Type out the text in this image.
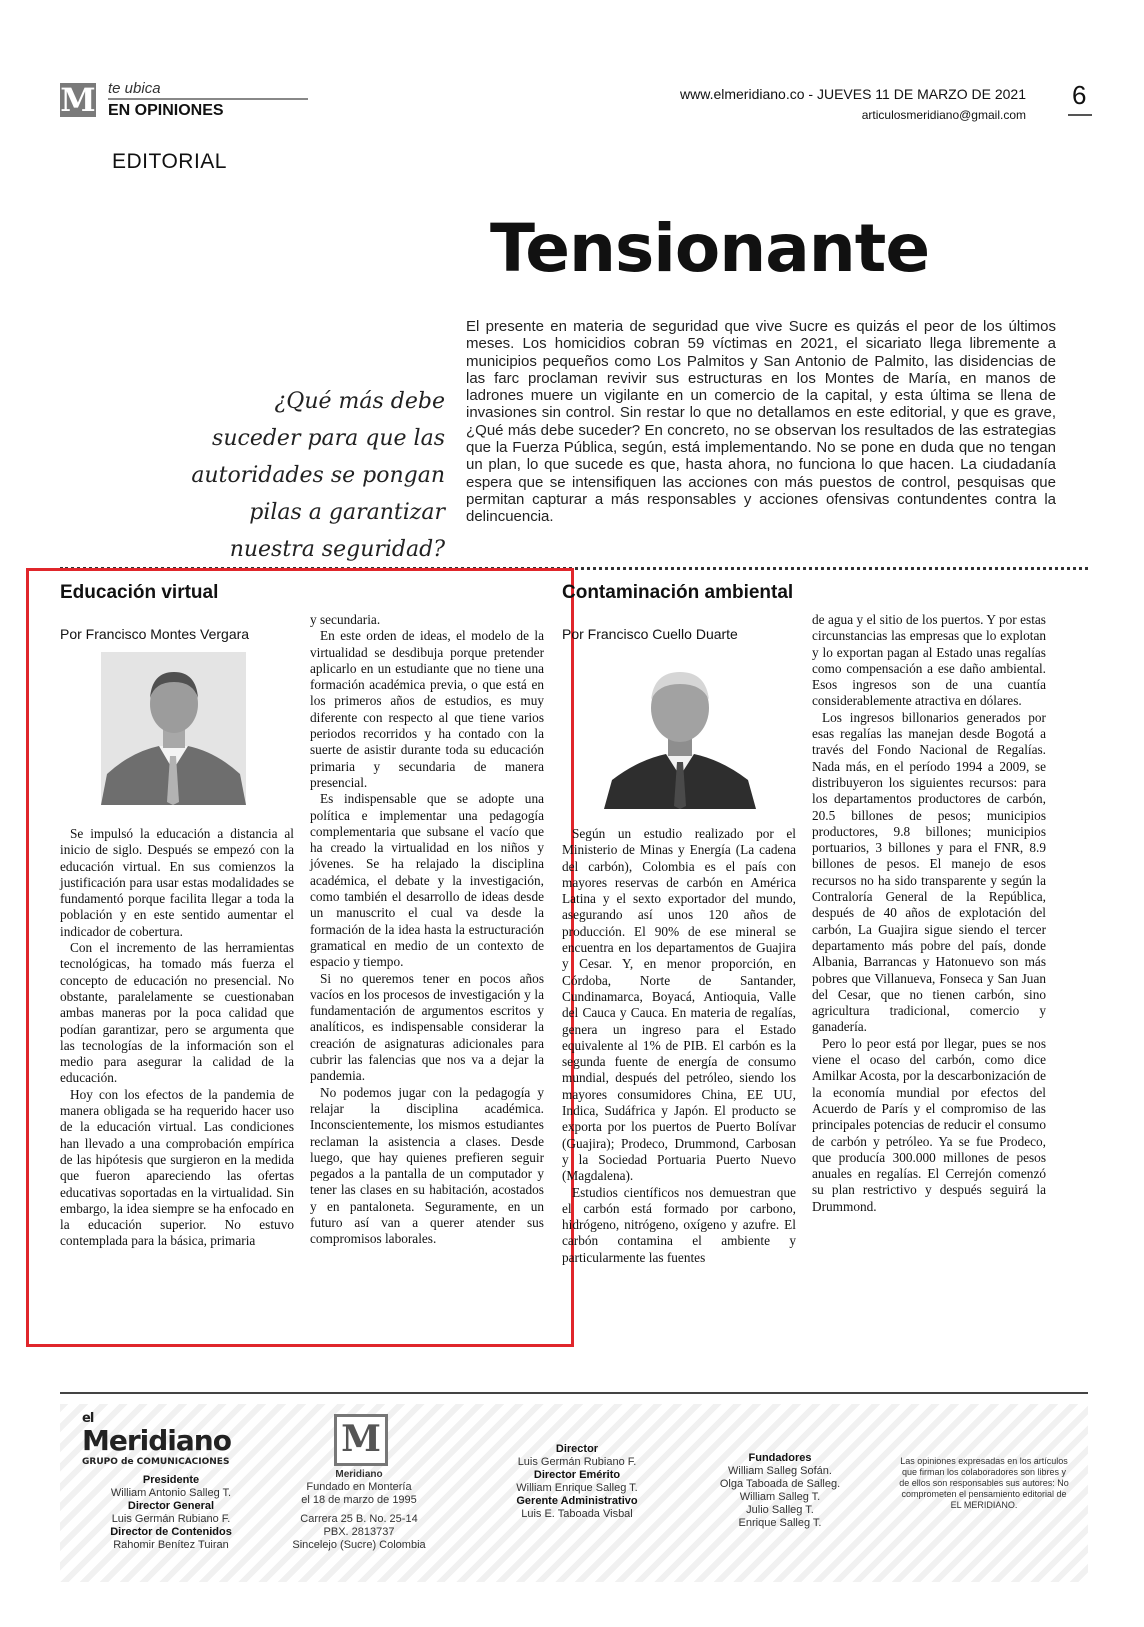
M te ubica
EN OPINIONES
EDITORIAL
www.elmeridiano.co - JUEVES 11 DE MARZO DE 2021
articulosmeridiano@gmail.com
6
Tensionante
¿Qué más debe
suceder para que las
autoridades se pongan
pilas a garantizar
nuestra seguridad?
El presente en materia de seguridad que vive Sucre es quizás el peor de los últimos meses. Los homicidios cobran 59 víctimas en 2021, el sicariato llega libremente a municipios pequeños como Los Palmitos y San Antonio de Palmito, las disidencias de las farc proclaman revivir sus estructuras en los Montes de María, en manos de ladrones muere un vigilante en un comercio de la capital, y esta última se llena de invasiones sin control. Sin restar lo que no detallamos en este editorial, y que es grave, ¿Qué más debe suceder? En concreto, no se observan los resultados de las estrategias que la Fuerza Pública, según, está implementando. No se pone en duda que no tengan un plan, lo que sucede es que, hasta ahora, no funciona lo que hacen. La ciudadanía espera que se intensifiquen las acciones con más puestos de control, pesquisas que permitan capturar a más responsables y acciones ofensivas contundentes contra la delincuencia.
Educación virtual
Por Francisco Montes Vergara

Se impulsó la educación a distancia al inicio de siglo. Después se empezó con la educación virtual. En sus comienzos la justificación para usar estas modalidades se fundamentó porque facilita llegar a toda la población y en este sentido aumentar el indicador de cobertura.

Con el incremento de las herramientas tecnológicas, ha tomado más fuerza el concepto de educación no presencial. No obstante, paralelamente se cuestionaban ambas maneras por la poca calidad que podían garantizar, pero se argumenta que las tecnologías de la información son el medio para asegurar la calidad de la educación.

Hoy con los efectos de la pandemia de manera obligada se ha requerido hacer uso de la educación virtual. Las condiciones han llevado a una comprobación empírica de las hipótesis que surgieron en la medida que fueron apareciendo las ofertas educativas soportadas en la virtualidad. Sin embargo, la idea siempre se ha enfocado en la educación superior. No estuvo contemplada para la básica, primaria

y secundaria.

En este orden de ideas, el modelo de la virtualidad se desdibuja porque pretender aplicarlo en un estudiante que no tiene una formación académica previa, o que está en los primeros años de estudios, es muy diferente con respecto al que tiene varios periodos recorridos y ha contado con la suerte de asistir durante toda su educación primaria y secundaria de manera presencial.

Es indispensable que se adopte una política e implementar una pedagogía complementaria que subsane el vacío que ha creado la virtualidad en los niños y jóvenes. Se ha relajado la disciplina académica, el debate y la investigación, como también el desarrollo de ideas desde un manuscrito el cual va desde la formación de la idea hasta la estructuración gramatical en medio de un contexto de espacio y tiempo.

Si no queremos tener en pocos años vacíos en los procesos de investigación y la fundamentación de argumentos escritos y analíticos, es indispensable considerar la creación de asignaturas adicionales para cubrir las falencias que nos va a dejar la pandemia.

No podemos jugar con la pedagogía y relajar la disciplina académica. Inconscientemente, los mismos estudiantes reclaman la asistencia a clases. Desde luego, que hay quienes prefieren seguir pegados a la pantalla de un computador y tener las clases en su habitación, acostados y en pantaloneta. Seguramente, en un futuro así van a querer atender sus compromisos laborales.

Contaminación ambiental
Por Francisco Cuello Duarte

Según un estudio realizado por el Ministerio de Minas y Energía (La cadena del carbón), Colombia es el país con mayores reservas de carbón en América Latina y el sexto exportador del mundo, asegurando así unos 120 años de producción. El 90% de ese mineral se encuentra en los departamentos de Guajira y Cesar. Y, en menor proporción, en Córdoba, Norte de Santander, Cundinamarca, Boyacá, Antioquia, Valle del Cauca y Cauca. En materia de regalías, genera un ingreso para el Estado equivalente al 1% de PIB. El carbón es la segunda fuente de energía de consumo mundial, después del petróleo, siendo los mayores consumidores China, EE UU, Indica, Sudáfrica y Japón. El producto se exporta por los puertos de Puerto Bolívar (Guajira); Prodeco, Drummond, Carbosan y la Sociedad Portuaria Puerto Nuevo (Magdalena).

Estudios científicos nos demuestran que el carbón está formado por carbono, hidrógeno, nitrógeno, oxígeno y azufre. El carbón contamina el ambiente y particularmente las fuentes

de agua y el sitio de los puertos. Y por estas circunstancias las empresas que lo explotan y lo exportan pagan al Estado unas regalías como compensación a ese daño ambiental. Esos ingresos son de una cuantía considerablemente atractiva en dólares.

Los ingresos billonarios generados por esas regalías las manejan desde Bogotá a través del Fondo Nacional de Regalías. Nada más, en el período 1994 a 2009, se distribuyeron los siguientes recursos: para los departamentos productores de carbón, 20.5 billones de pesos; municipios productores, 9.8 billones; municipios portuarios, 3 billones y para el FNR, 8.9 billones de pesos. El manejo de esos recursos no ha sido transparente y según la Contraloría General de la República, después de 40 años de explotación del carbón, La Guajira sigue siendo el tercer departamento más pobre del país, donde Albania, Barrancas y Hatonuevo son más pobres que Villanueva, Fonseca y San Juan del Cesar, que no tienen carbón, sino agricultura tradicional, comercio y ganadería.

Pero lo peor está por llegar, pues se nos viene el ocaso del carbón, como dice Amilkar Acosta, por la descarbonización de la economía mundial por efectos del Acuerdo de París y el compromiso de las principales potencias de reducir el consumo de carbón y petróleo. Ya se fue Prodeco, que producía 300.000 millones de pesos anuales en regalías. El Cerrejón comenzó su plan restrictivo y después seguirá la Drummond.

el
Meridiano
GRUPO de COMUNICACIONES
Presidente
William Antonio Salleg T.
Director General
Luis Germán Rubiano F.
Director de Contenidos
Rahomir Benítez Tuiran
M
Meridiano
Fundado en Montería
el 18 de marzo de 1995
Carrera 25 B. No. 25-14
PBX. 2813737
Sincelejo (Sucre) Colombia
Director
Luis Germán Rubiano F.
Director Emérito
William Enrique Salleg T.
Gerente Administrativo
Luis E. Taboada Visbal
Fundadores
William Salleg Sofán.
Olga Taboada de Salleg.
William Salleg T.
Julio Salleg T.
Enrique Salleg T.
Las opiniones expresadas en los artículos que firman los colaboradores son libres y de ellos son responsables sus autores: No comprometen el pensamiento editorial de EL MERIDIANO.
